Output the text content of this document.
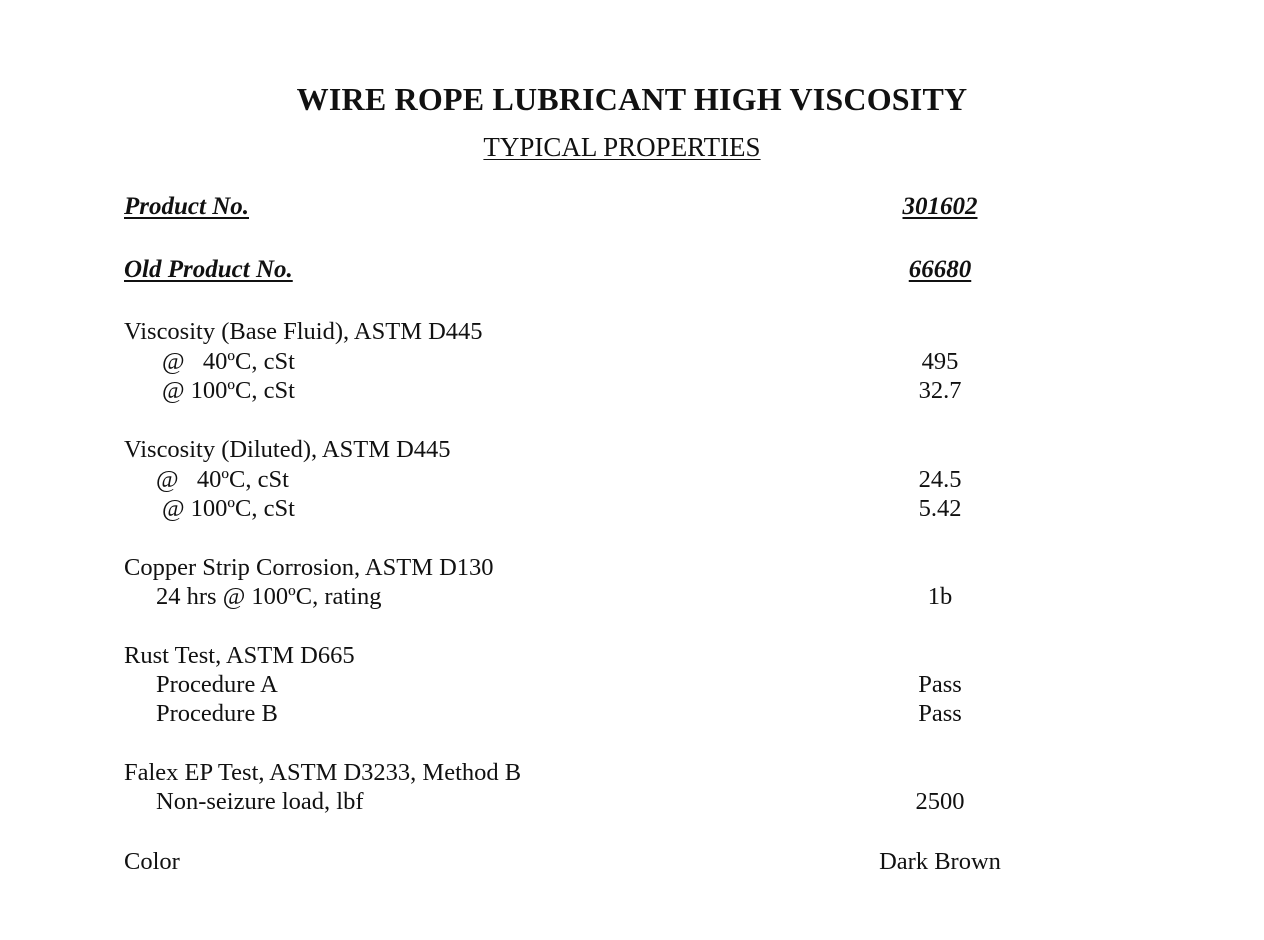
WIRE ROPE LUBRICANT HIGH VISCOSITY
TYPICAL PROPERTIES
Product No.	301602
Old Product No.	66680
Viscosity (Base Fluid), ASTM D445
@   40ºC, cSt	495
@ 100ºC, cSt	32.7
Viscosity (Diluted), ASTM D445
@   40ºC, cSt	24.5
@ 100ºC, cSt	5.42
Copper Strip Corrosion, ASTM D130
24 hrs @ 100ºC, rating	1b
Rust Test, ASTM D665
Procedure A	Pass
Procedure B	Pass
Falex EP Test, ASTM D3233, Method B
Non-seizure load, lbf	2500
Color	Dark Brown
